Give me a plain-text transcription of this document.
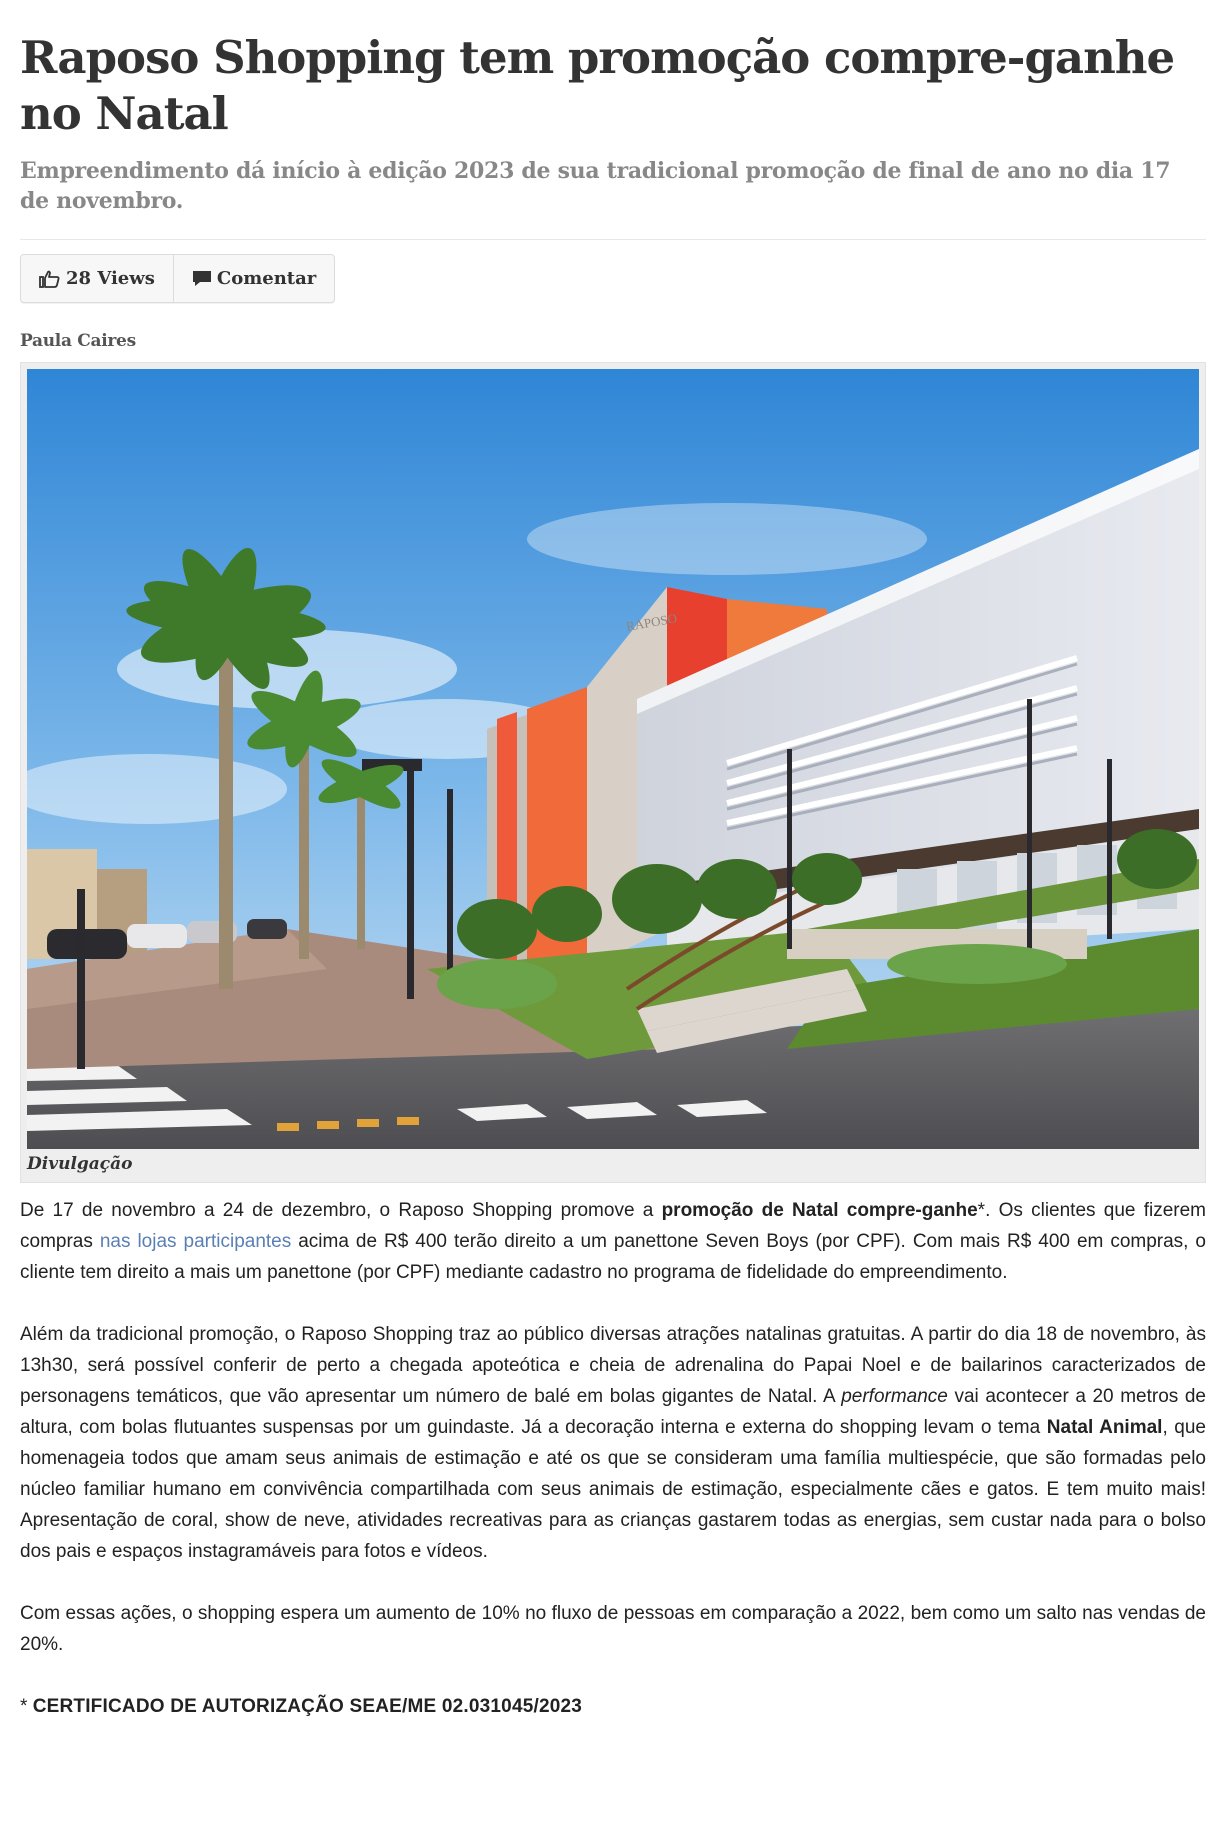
Raposo Shopping tem promoção compre-ganhe no Natal
Empreendimento dá início à edição 2023 de sua tradicional promoção de final de ano no dia 17 de novembro.
28 Views	Comentar
Paula Caires
RAPOSO
Divulgação

De 17 de novembro a 24 de dezembro, o Raposo Shopping promove a promoção de Natal compre-ganhe*. Os clientes que fizerem compras nas lojas participantes acima de R$ 400 terão direito a um panettone Seven Boys (por CPF). Com mais R$ 400 em compras, o cliente tem direito a mais um panettone (por CPF) mediante cadastro no programa de fidelidade do empreendimento.

Além da tradicional promoção, o Raposo Shopping traz ao público diversas atrações natalinas gratuitas. A partir do dia 18 de novembro, às 13h30, será possível conferir de perto a chegada apoteótica e cheia de adrenalina do Papai Noel e de bailarinos caracterizados de personagens temáticos, que vão apresentar um número de balé em bolas gigantes de Natal. A performance vai acontecer a 20 metros de altura, com bolas flutuantes suspensas por um guindaste. Já a decoração interna e externa do shopping levam o tema Natal Animal, que homenageia todos que amam seus animais de estimação e até os que se consideram uma família multiespécie, que são formadas pelo núcleo familiar humano em convivência compartilhada com seus animais de estimação, especialmente cães e gatos. E tem muito mais! Apresentação de coral, show de neve, atividades recreativas para as crianças gastarem todas as energias, sem custar nada para o bolso dos pais e espaços instagramáveis para fotos e vídeos.

Com essas ações, o shopping espera um aumento de 10% no fluxo de pessoas em comparação a 2022, bem como um salto nas vendas de 20%.

* CERTIFICADO DE AUTORIZAÇÃO SEAE/ME 02.031045/2023
